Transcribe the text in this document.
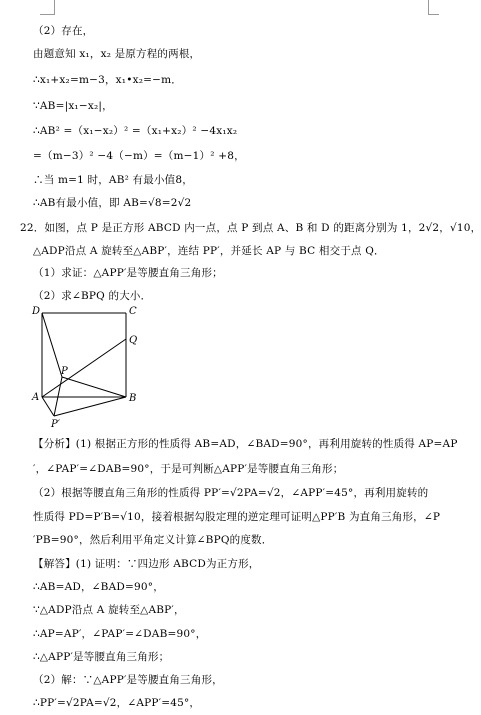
（2）存在，
由题意知 x₁，x₂ 是原方程的两根，
∴x₁+x₂=m−3，x₁•x₂=−m．
∵AB=|x₁−x₂|，
∴AB² =（x₁−x₂）² =（x₁+x₂）² −4x₁x₂
=（m−3）² −4（−m）=（m−1）² +8，
∴当 m=1 时，AB² 有最小值8，
∴AB有最小值，即 AB=√8=2√2
22．如图，点 P 是正方形 ABCD 内一点，点 P 到点 A、B 和 D 的距离分别为 1，2√2，√10，
△ADP沿点 A 旋转至△ABP′，连结 PP′，并延长 AP 与 BC 相交于点 Q．
（1）求证：△APP′是等腰直角三角形；
（2）求∠BPQ 的大小．
D	C
Q
P
A	B
P′
【分析】(1) 根据正方形的性质得 AB=AD，∠BAD=90°，再利用旋转的性质得 AP=AP
′，∠PAP′=∠DAB=90°，于是可判断△APP′是等腰直角三角形；
（2）根据等腰直角三角形的性质得 PP′=√2PA=√2，∠APP′=45°，再利用旋转的
性质得 PD=P′B=√10，接着根据勾股定理的逆定理可证明△PP′B 为直角三角形，∠P
′PB=90°，然后利用平角定义计算∠BPQ的度数．
【解答】(1) 证明：∵四边形 ABCD为正方形，
∴AB=AD，∠BAD=90°，
∵△ADP沿点 A 旋转至△ABP′，
∴AP=AP′，∠PAP′=∠DAB=90°，
∴△APP′是等腰直角三角形；
（2）解：∵△APP′是等腰直角三角形，
∴PP′=√2PA=√2，∠APP′=45°，
